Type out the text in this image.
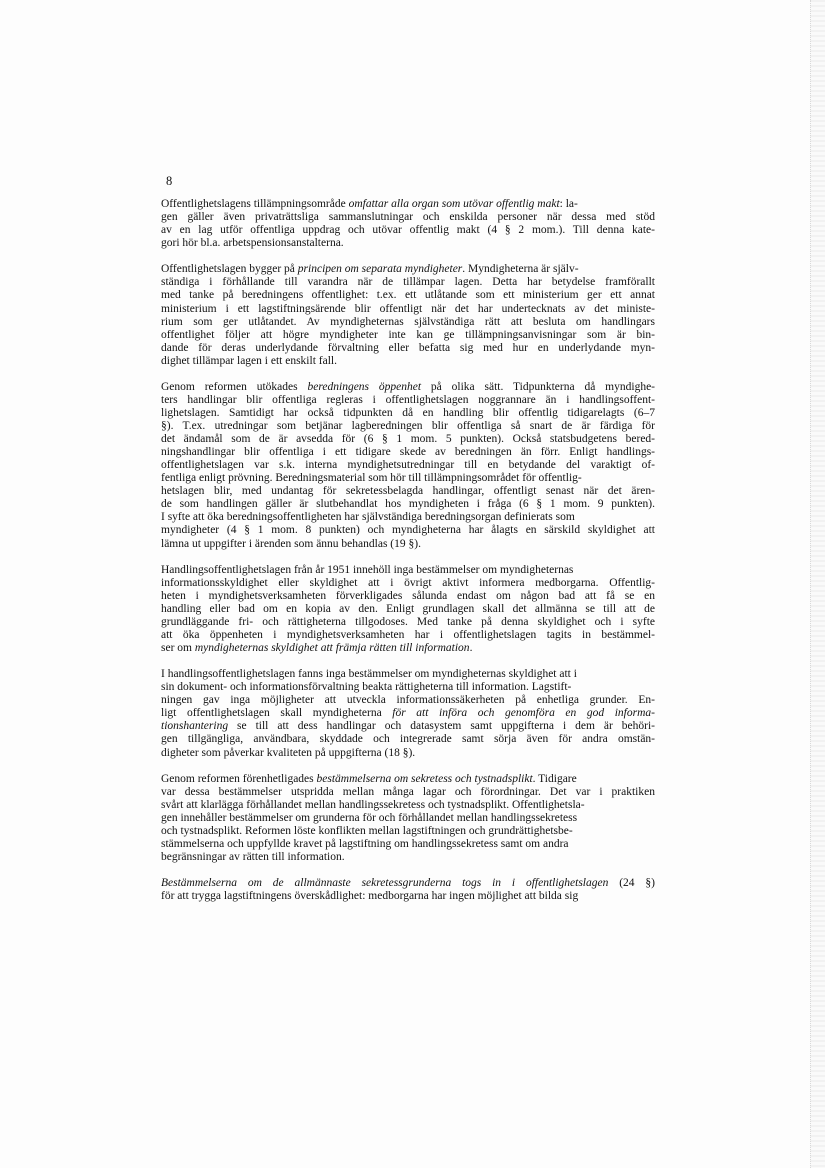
8

Offentlighetslagens tillämpningsområde omfattar alla organ som utövar offentlig makt: la-
gen gäller även privaträttsliga sammanslutningar och enskilda personer när dessa med stöd
av en lag utför offentliga uppdrag och utövar offentlig makt (4 § 2 mom.). Till denna kate-
gori hör bl.a. arbetspensionsanstalterna.

Offentlighetslagen bygger på principen om separata myndigheter. Myndigheterna är själv-
ständiga i förhållande till varandra när de tillämpar lagen. Detta har betydelse framförallt
med tanke på beredningens offentlighet: t.ex. ett utlåtande som ett ministerium ger ett annat
ministerium i ett lagstiftningsärende blir offentligt när det har undertecknats av det ministe-
rium som ger utlåtandet. Av myndigheternas självständiga rätt att besluta om handlingars
offentlighet följer att högre myndigheter inte kan ge tillämpningsanvisningar som är bin-
dande för deras underlydande förvaltning eller befatta sig med hur en underlydande myn-
dighet tillämpar lagen i ett enskilt fall.

Genom reformen utökades beredningens öppenhet på olika sätt. Tidpunkterna då myndighe-
ters handlingar blir offentliga regleras i offentlighetslagen noggrannare än i handlingsoffent-
lighetslagen. Samtidigt har också tidpunkten då en handling blir offentlig tidigarelagts (6–7
§). T.ex. utredningar som betjänar lagberedningen blir offentliga så snart de är färdiga för
det ändamål som de är avsedda för (6 § 1 mom. 5 punkten). Också statsbudgetens bered-
ningshandlingar blir offentliga i ett tidigare skede av beredningen än förr. Enligt handlings-
offentlighetslagen var s.k. interna myndighetsutredningar till en betydande del varaktigt of-
fentliga enligt prövning. Beredningsmaterial som hör till tillämpningsområdet för offentlig-
hetslagen blir, med undantag för sekretessbelagda handlingar, offentligt senast när det ären-
de som handlingen gäller är slutbehandlat hos myndigheten i fråga (6 § 1 mom. 9 punkten).
I syfte att öka beredningsoffentligheten har självständiga beredningsorgan definierats som
myndigheter (4 § 1 mom. 8 punkten) och myndigheterna har ålagts en särskild skyldighet att
lämna ut uppgifter i ärenden som ännu behandlas (19 §).

Handlingsoffentlighetslagen från år 1951 innehöll inga bestämmelser om myndigheternas
informationsskyldighet eller skyldighet att i övrigt aktivt informera medborgarna. Offentlig-
heten i myndighetsverksamheten förverkligades sålunda endast om någon bad att få se en
handling eller bad om en kopia av den. Enligt grundlagen skall det allmänna se till att de
grundläggande fri- och rättigheterna tillgodoses. Med tanke på denna skyldighet och i syfte
att öka öppenheten i myndighetsverksamheten har i offentlighetslagen tagits in bestämmel-
ser om myndigheternas skyldighet att främja rätten till information.

I handlingsoffentlighetslagen fanns inga bestämmelser om myndigheternas skyldighet att i
sin dokument- och informationsförvaltning beakta rättigheterna till information. Lagstift-
ningen gav inga möjligheter att utveckla informationssäkerheten på enhetliga grunder. En-
ligt offentlighetslagen skall myndigheterna för att införa och genomföra en god informa-
tionshantering se till att dess handlingar och datasystem samt uppgifterna i dem är behöri-
gen tillgängliga, användbara, skyddade och integrerade samt sörja även för andra omstän-
digheter som påverkar kvaliteten på uppgifterna (18 §).

Genom reformen förenhetligades bestämmelserna om sekretess och tystnadsplikt. Tidigare
var dessa bestämmelser utspridda mellan många lagar och förordningar. Det var i praktiken
svårt att klarlägga förhållandet mellan handlingssekretess och tystnadsplikt. Offentlighetsla-
gen innehåller bestämmelser om grunderna för och förhållandet mellan handlingssekretess
och tystnadsplikt. Reformen löste konflikten mellan lagstiftningen och grundrättighetsbe-
stämmelserna och uppfyllde kravet på lagstiftning om handlingssekretess samt om andra
begränsningar av rätten till information.

Bestämmelserna om de allmännaste sekretessgrunderna togs in i offentlighetslagen (24 §)
för att trygga lagstiftningens överskådlighet: medborgarna har ingen möjlighet att bilda sig
